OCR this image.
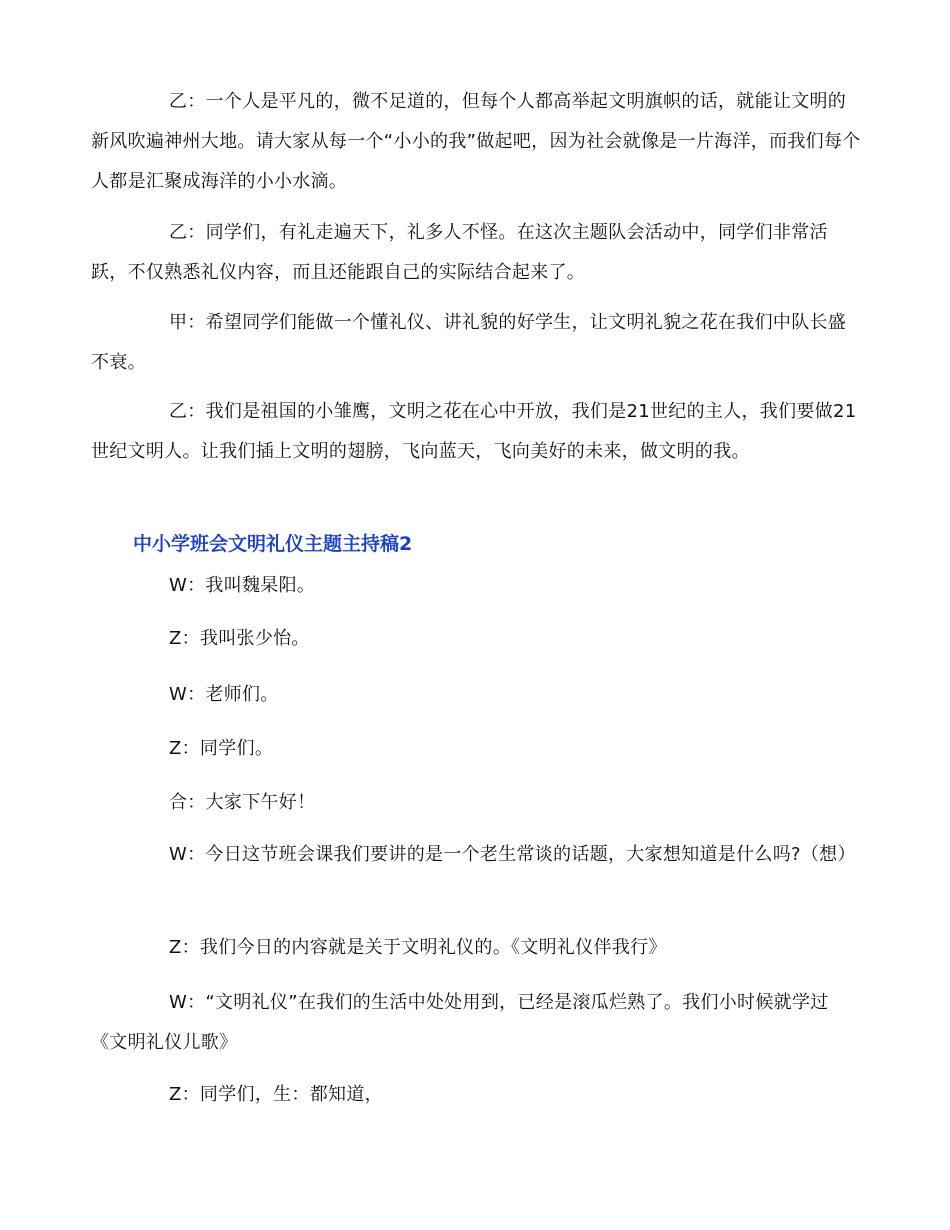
乙：一个人是平凡的，微不足道的，但每个人都高举起文明旗帜的话，就能让文明的新风吹遍神州大地。请大家从每一个“小小的我”做起吧，因为社会就像是一片海洋，而我们每个人都是汇聚成海洋的小小水滴。

乙：同学们，有礼走遍天下，礼多人不怪。在这次主题队会活动中，同学们非常活跃，不仅熟悉礼仪内容，而且还能跟自己的实际结合起来了。

甲：希望同学们能做一个懂礼仪、讲礼貌的好学生，让文明礼貌之花在我们中队长盛不衰。

乙：我们是祖国的小雏鹰，文明之花在心中开放，我们是21世纪的主人，我们要做21世纪文明人。让我们插上文明的翅膀，飞向蓝天，飞向美好的未来，做文明的我。

中小学班会文明礼仪主题主持稿2

W：我叫魏杲阳。

Z：我叫张少怡。

W：老师们。

Z：同学们。

合：大家下午好！

W：今日这节班会课我们要讲的是一个老生常谈的话题，大家想知道是什么吗?（想）

Z：我们今日的内容就是关于文明礼仪的。《文明礼仪伴我行》

W：“文明礼仪”在我们的生活中处处用到，已经是滚瓜烂熟了。我们小时候就学过《文明礼仪儿歌》

Z：同学们，生：都知道，
